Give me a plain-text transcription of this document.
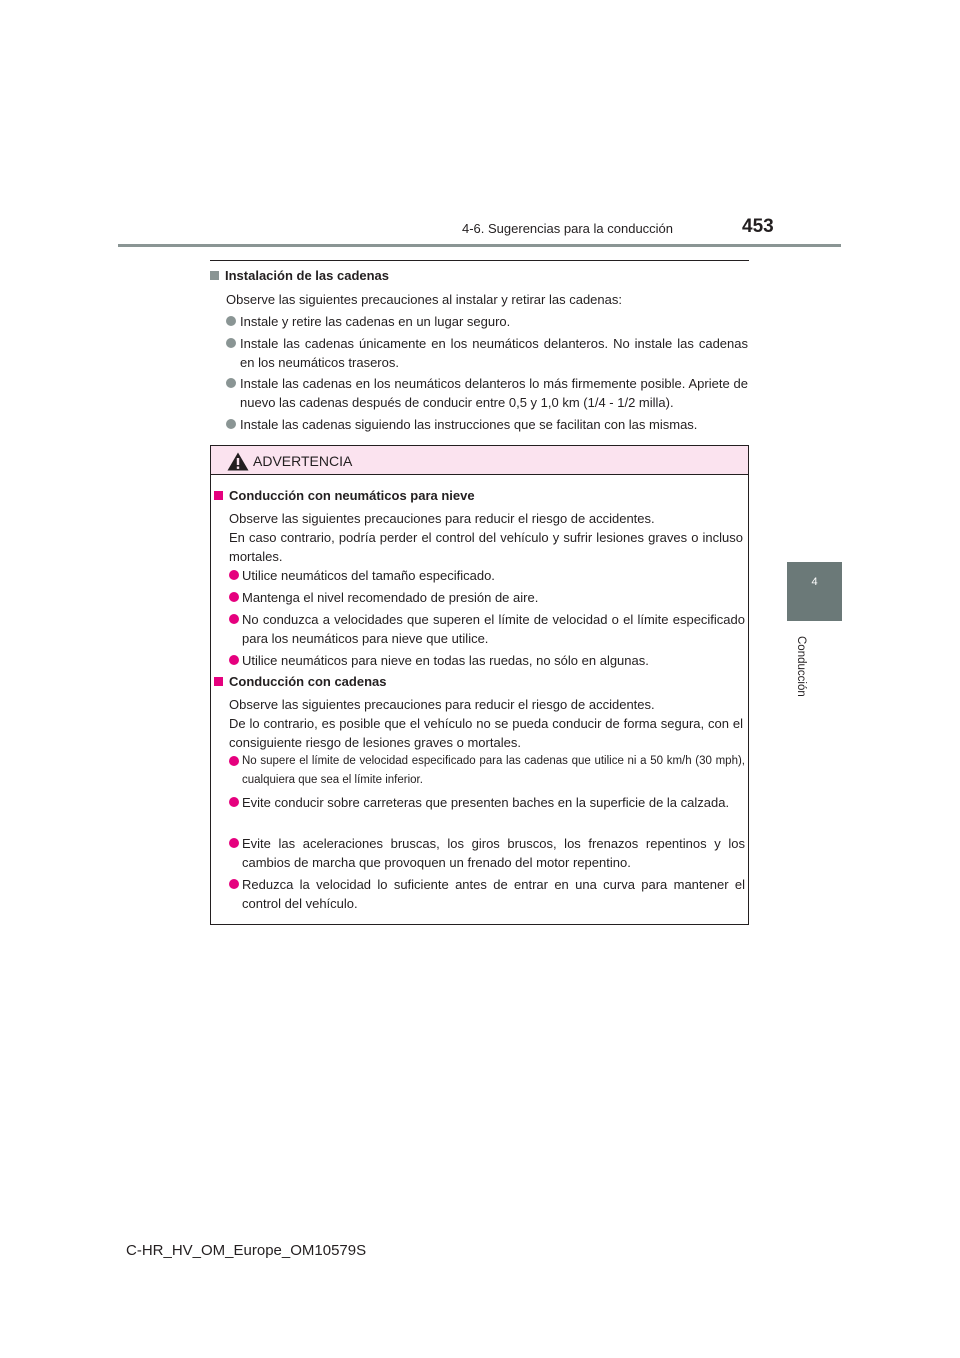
4-6. Sugerencias para la conducción	453
4
Conducción
Instalación de las cadenas
Observe las siguientes precauciones al instalar y retirar las cadenas:
Instale y retire las cadenas en un lugar seguro.
Instale las cadenas únicamente en los neumáticos delanteros. No instale las cadenas en los neumáticos traseros.
Instale las cadenas en los neumáticos delanteros lo más firmemente posible. Apriete de nuevo las cadenas después de conducir entre 0,5 y 1,0 km (1/4 - 1/2 milla).
Instale las cadenas siguiendo las instrucciones que se facilitan con las mismas.
ADVERTENCIA
Conducción con neumáticos para nieve
Observe las siguientes precauciones para reducir el riesgo de accidentes.
En caso contrario, podría perder el control del vehículo y sufrir lesiones graves o incluso mortales.
Utilice neumáticos del tamaño especificado.
Mantenga el nivel recomendado de presión de aire.
No conduzca a velocidades que superen el límite de velocidad o el límite especificado para los neumáticos para nieve que utilice.
Utilice neumáticos para nieve en todas las ruedas, no sólo en algunas.
Conducción con cadenas
Observe las siguientes precauciones para reducir el riesgo de accidentes.
De lo contrario, es posible que el vehículo no se pueda conducir de forma segura, con el consiguiente riesgo de lesiones graves o mortales.
No supere el límite de velocidad especificado para las cadenas que utilice ni a 50 km/h (30 mph), cualquiera que sea el límite inferior.
Evite conducir sobre carreteras que presenten baches en la superficie de la calzada.
Evite las aceleraciones bruscas, los giros bruscos, los frenazos repentinos y los cambios de marcha que provoquen un frenado del motor repentino.
Reduzca la velocidad lo suficiente antes de entrar en una curva para mantener el control del vehículo.
C-HR_HV_OM_Europe_OM10579S
